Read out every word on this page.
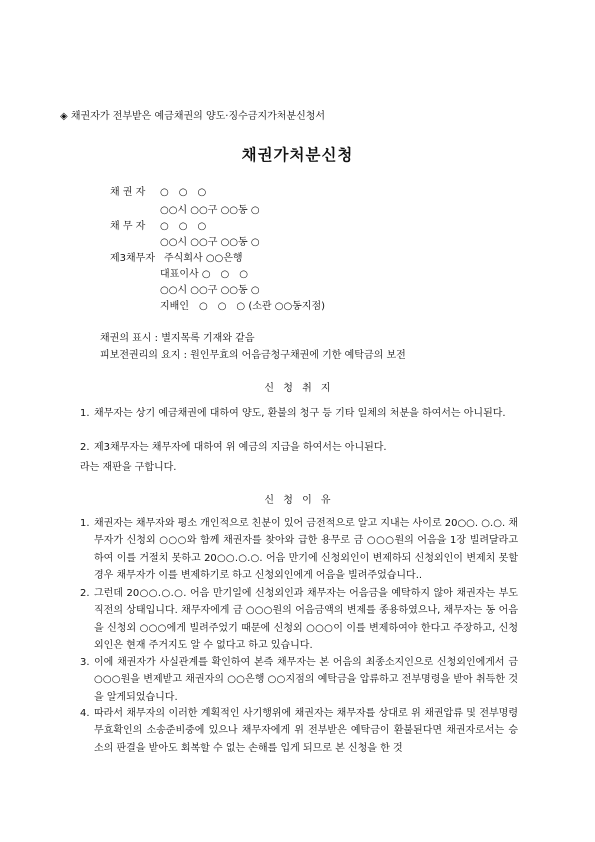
◈ 채권자가 전부받은 예금채권의 양도·징수금지가처분신청서
채권가처분신청
채 권 자 ○　○　○
○○시 ○○구 ○○동 ○
채 무 자 ○　○　○
○○시 ○○구 ○○동 ○
제3채무자 주식회사 ○○은행
대표이사 ○　○　○
○○시 ○○구 ○○동 ○
지배인　○　○　○ (소관 ○○동지점)
채권의 표시 : 별지목록 기재와 같음
피보전권리의 요지 : 원인무효의 어음금청구채권에 기한 예탁금의 보전
신 청 취 지
1. 채무자는 상기 예금채권에 대하여 양도, 환불의 청구 등 기타 일체의 처분을 하여서는 아니된다.
2. 제3채무자는 채무자에 대하여 위 예금의 지급을 하여서는 아니된다.
라는 재판을 구합니다.
신 청 이 유
1. 채권자는 채무자와 평소 개인적으로 친분이 있어 금전적으로 알고 지내는 사이로 20○○. ○.○. 채무자가 신청외 ○○○와 함께 채권자를 찾아와 급한 용무로 금 ○○○원의 어음을 1장 빌려달라고 하여 이를 거절치 못하고 20○○.○.○. 어음 만기에 신청외인이 변제하되 신청외인이 변제치 못할 경우 채무자가 이를 변제하기로 하고 신청외인에게 어음을 빌려주었습니다..
2. 그런데 20○○.○.○. 어음 만기일에 신청외인과 채무자는 어음금을 예탁하지 않아 채권자는 부도 직전의 상태입니다. 채무자에게 금 ○○○원의 어음금액의 변제를 종용하였으나, 채무자는 동 어음을 신청외 ○○○에게 빌려주었기 때문에 신청외 ○○○이 이를 변제하여야 한다고 주장하고, 신청외인은 현재 주거지도 알 수 없다고 하고 있습니다.
3. 이에 채권자가 사실관계를 확인하여 본즉 채무자는 본 어음의 최종소지인으로 신청외인에게서 금 ○○○원을 변제받고 채권자의 ○○은행 ○○지점의 예탁금을 압류하고 전부명령을 받아 취득한 것을 알게되었습니다.
4. 따라서 채무자의 이러한 계획적인 사기행위에 채권자는 채무자를 상대로 위 채권압류 및 전부명령 무효확인의 소송준비중에 있으나 채무자에게 위 전부받은 예탁금이 환불된다면 채권자로서는 승소의 판결을 받아도 회복할 수 없는 손해를 입게 되므로 본 신청을 한 것
